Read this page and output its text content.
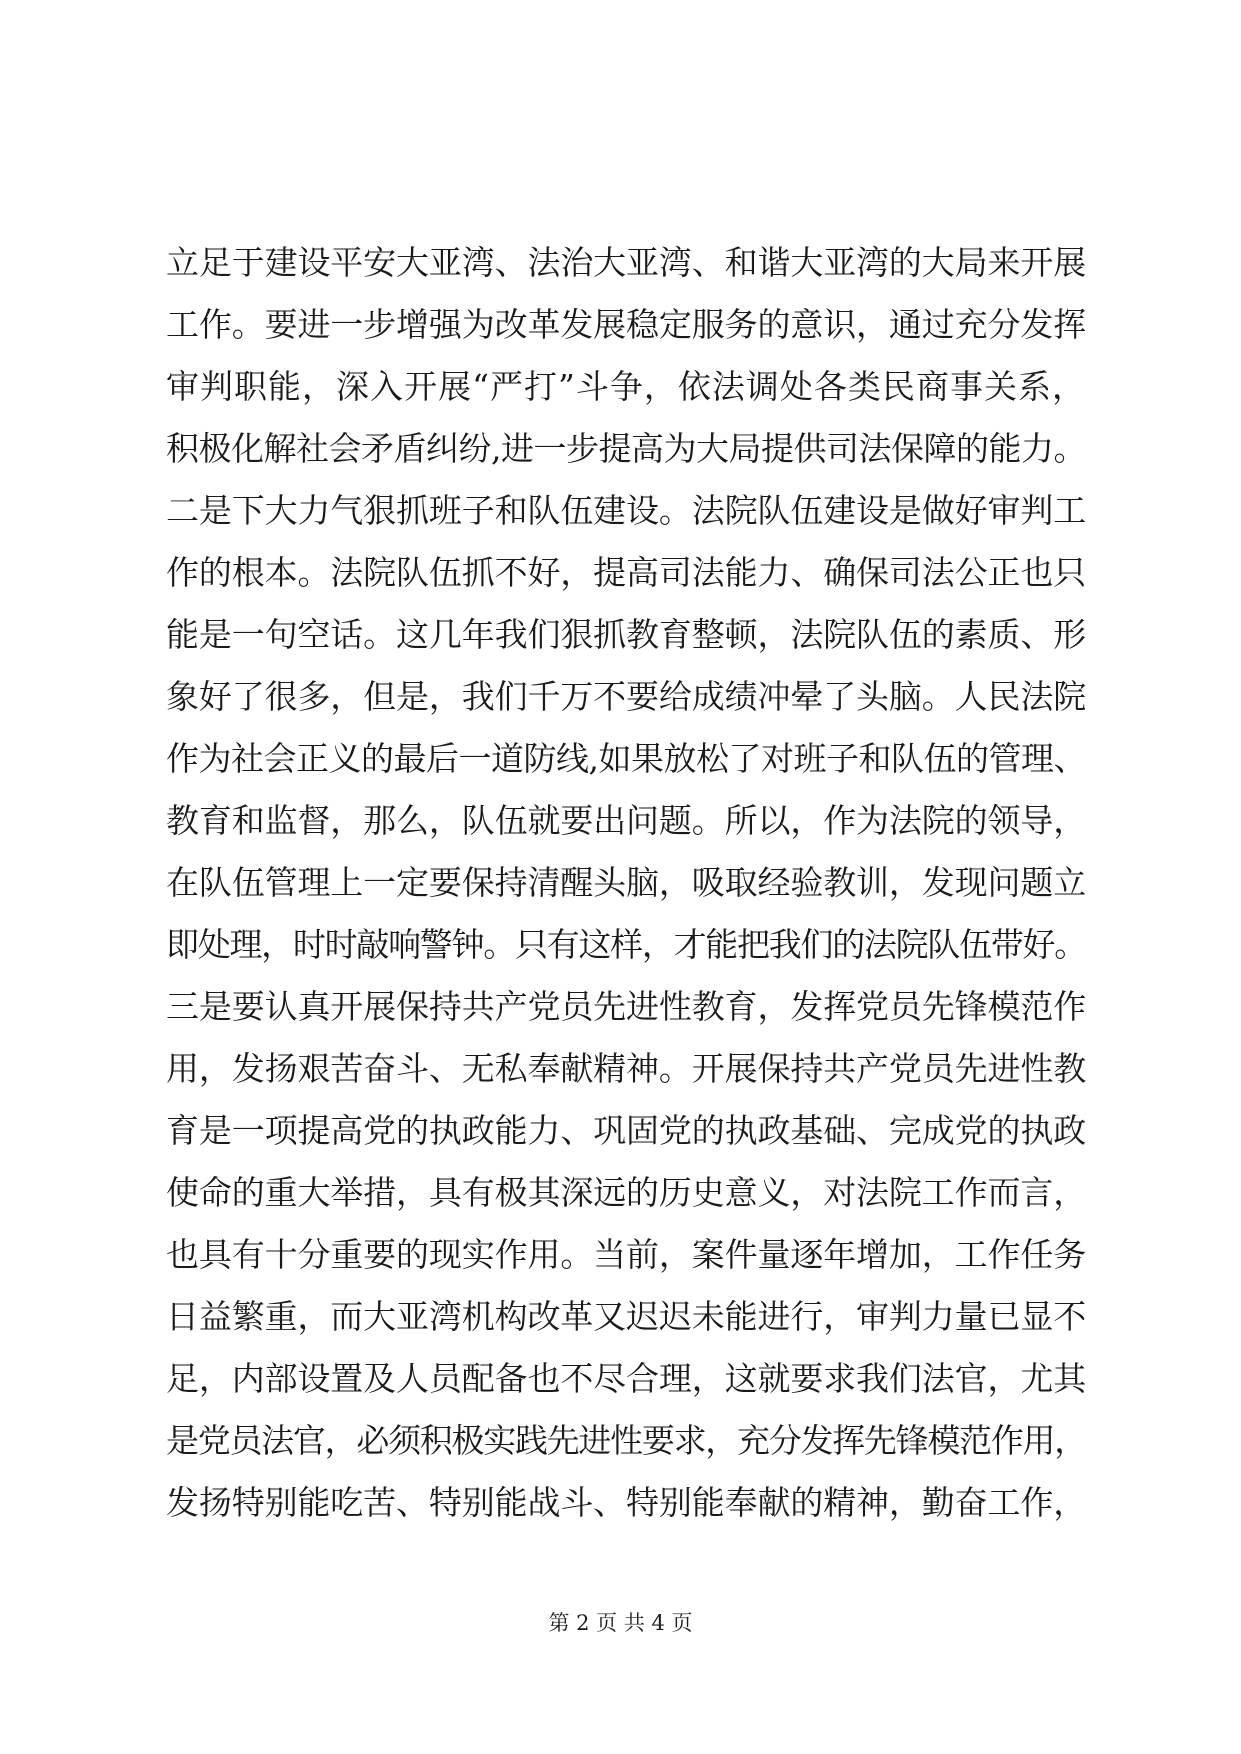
立足于建设平安大亚湾、法治大亚湾、和谐大亚湾的大局来开展
工作。要进一步增强为改革发展稳定服务的意识，通过充分发挥
审判职能，深入开展“严打”斗争，依法调处各类民商事关系，
积极化解社会矛盾纠纷,进一步提高为大局提供司法保障的能力。
二是下大力气狠抓班子和队伍建设。法院队伍建设是做好审判工
作的根本。法院队伍抓不好，提高司法能力、确保司法公正也只
能是一句空话。这几年我们狠抓教育整顿，法院队伍的素质、形
象好了很多，但是，我们千万不要给成绩冲晕了头脑。人民法院
作为社会正义的最后一道防线,如果放松了对班子和队伍的管理、
教育和监督，那么，队伍就要出问题。所以，作为法院的领导，
在队伍管理上一定要保持清醒头脑，吸取经验教训，发现问题立
即处理，时时敲响警钟。只有这样，才能把我们的法院队伍带好。
三是要认真开展保持共产党员先进性教育，发挥党员先锋模范作
用，发扬艰苦奋斗、无私奉献精神。开展保持共产党员先进性教
育是一项提高党的执政能力、巩固党的执政基础、完成党的执政
使命的重大举措，具有极其深远的历史意义，对法院工作而言，
也具有十分重要的现实作用。当前，案件量逐年增加，工作任务
日益繁重，而大亚湾机构改革又迟迟未能进行，审判力量已显不
足，内部设置及人员配备也不尽合理，这就要求我们法官，尤其
是党员法官，必须积极实践先进性要求，充分发挥先锋模范作用，
发扬特别能吃苦、特别能战斗、特别能奉献的精神，勤奋工作，
第 2 页 共 4 页
